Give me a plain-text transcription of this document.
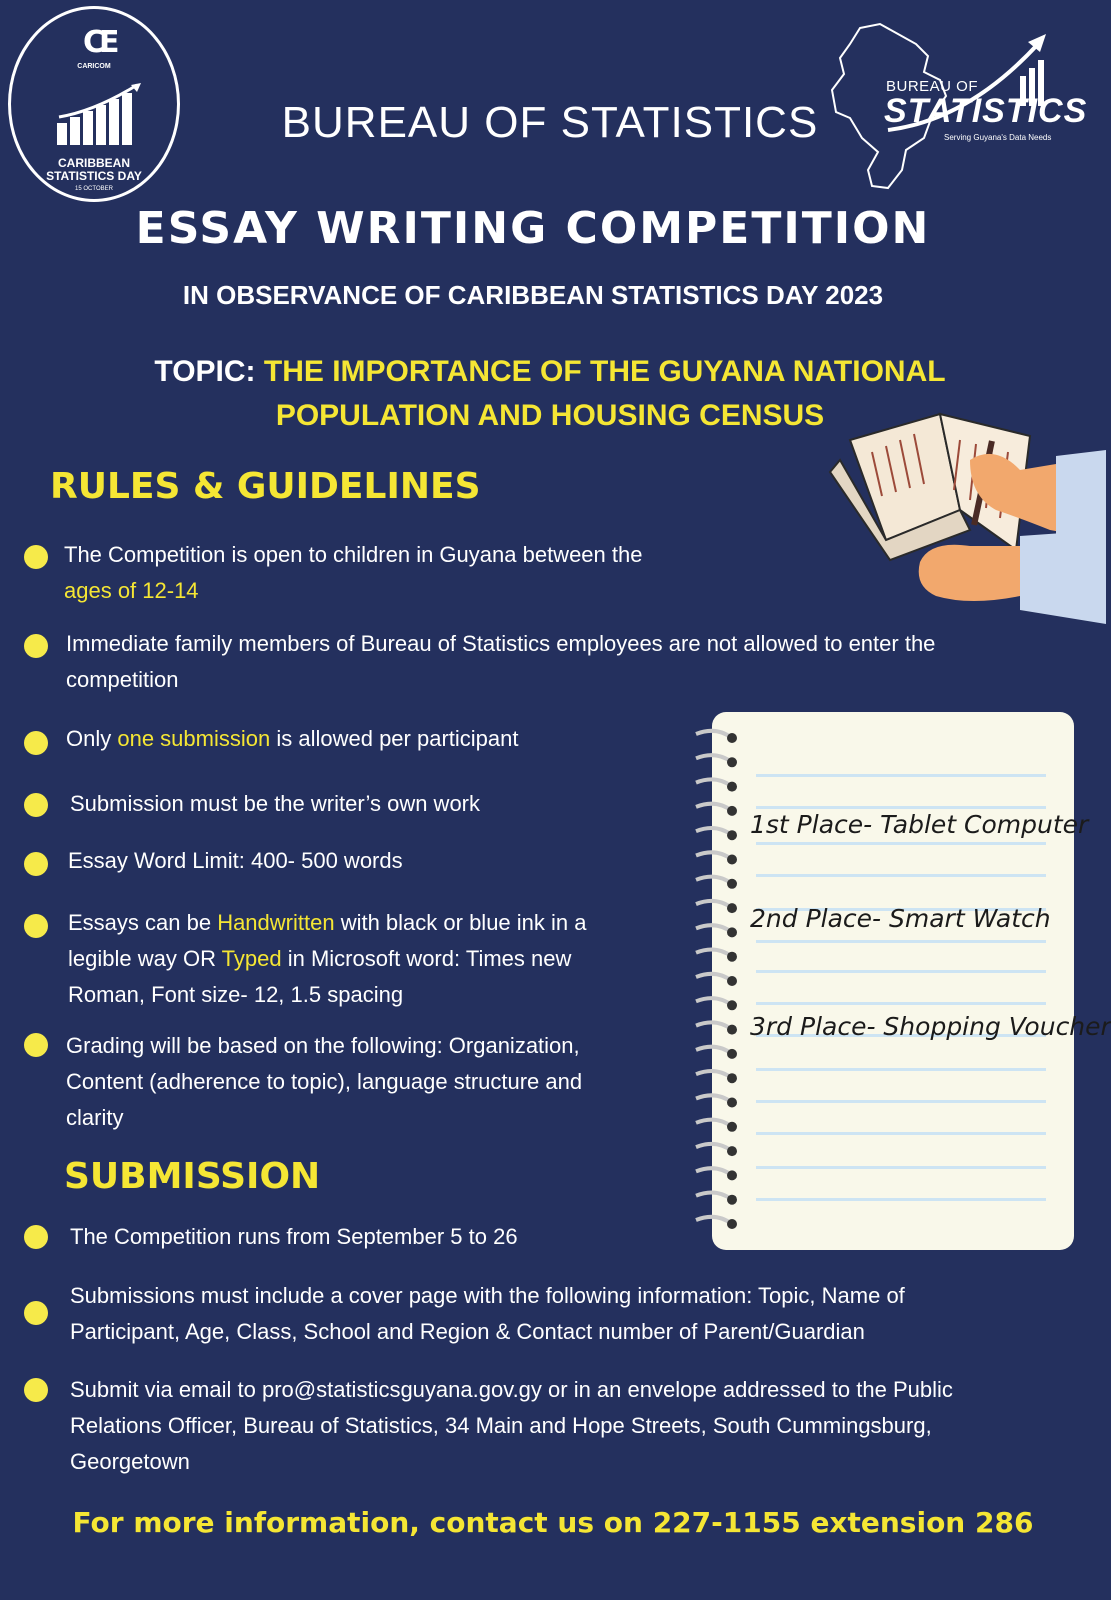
CE
CARICOM
CARIBBEAN
STATISTICS DAY
15 OCTOBER
BUREAU OF STATISTICS
BUREAU OF
STATISTICS
Serving Guyana's Data Needs
ESSAY WRITING COMPETITION
IN OBSERVANCE OF CARIBBEAN STATISTICS DAY 2023
TOPIC: THE IMPORTANCE OF THE GUYANA NATIONAL
POPULATION AND HOUSING CENSUS
RULES & GUIDELINES
The Competition is open to children in Guyana between the
ages of 12-14
Immediate family members of Bureau of Statistics employees are not allowed to enter the
competition
Only one submission is allowed per participant
Submission must be the writer’s own work
Essay Word Limit: 400- 500 words
Essays can be Handwritten with black or blue ink in a
legible way OR Typed in Microsoft word: Times new
Roman, Font size- 12, 1.5 spacing
Grading will be based on the following: Organization,
Content (adherence to topic), language structure and
clarity
1st Place- Tablet Computer
2nd Place- Smart Watch
3rd Place- Shopping Voucher
SUBMISSION
The Competition runs from September 5 to 26
Submissions must include a cover page with the following information: Topic, Name of
Participant, Age, Class, School and Region & Contact number of Parent/Guardian
Submit via email to pro@statisticsguyana.gov.gy or in an envelope addressed to the Public
Relations Officer, Bureau of Statistics, 34 Main and Hope Streets, South Cummingsburg,
Georgetown
For more information, contact us on 227-1155 extension 286
